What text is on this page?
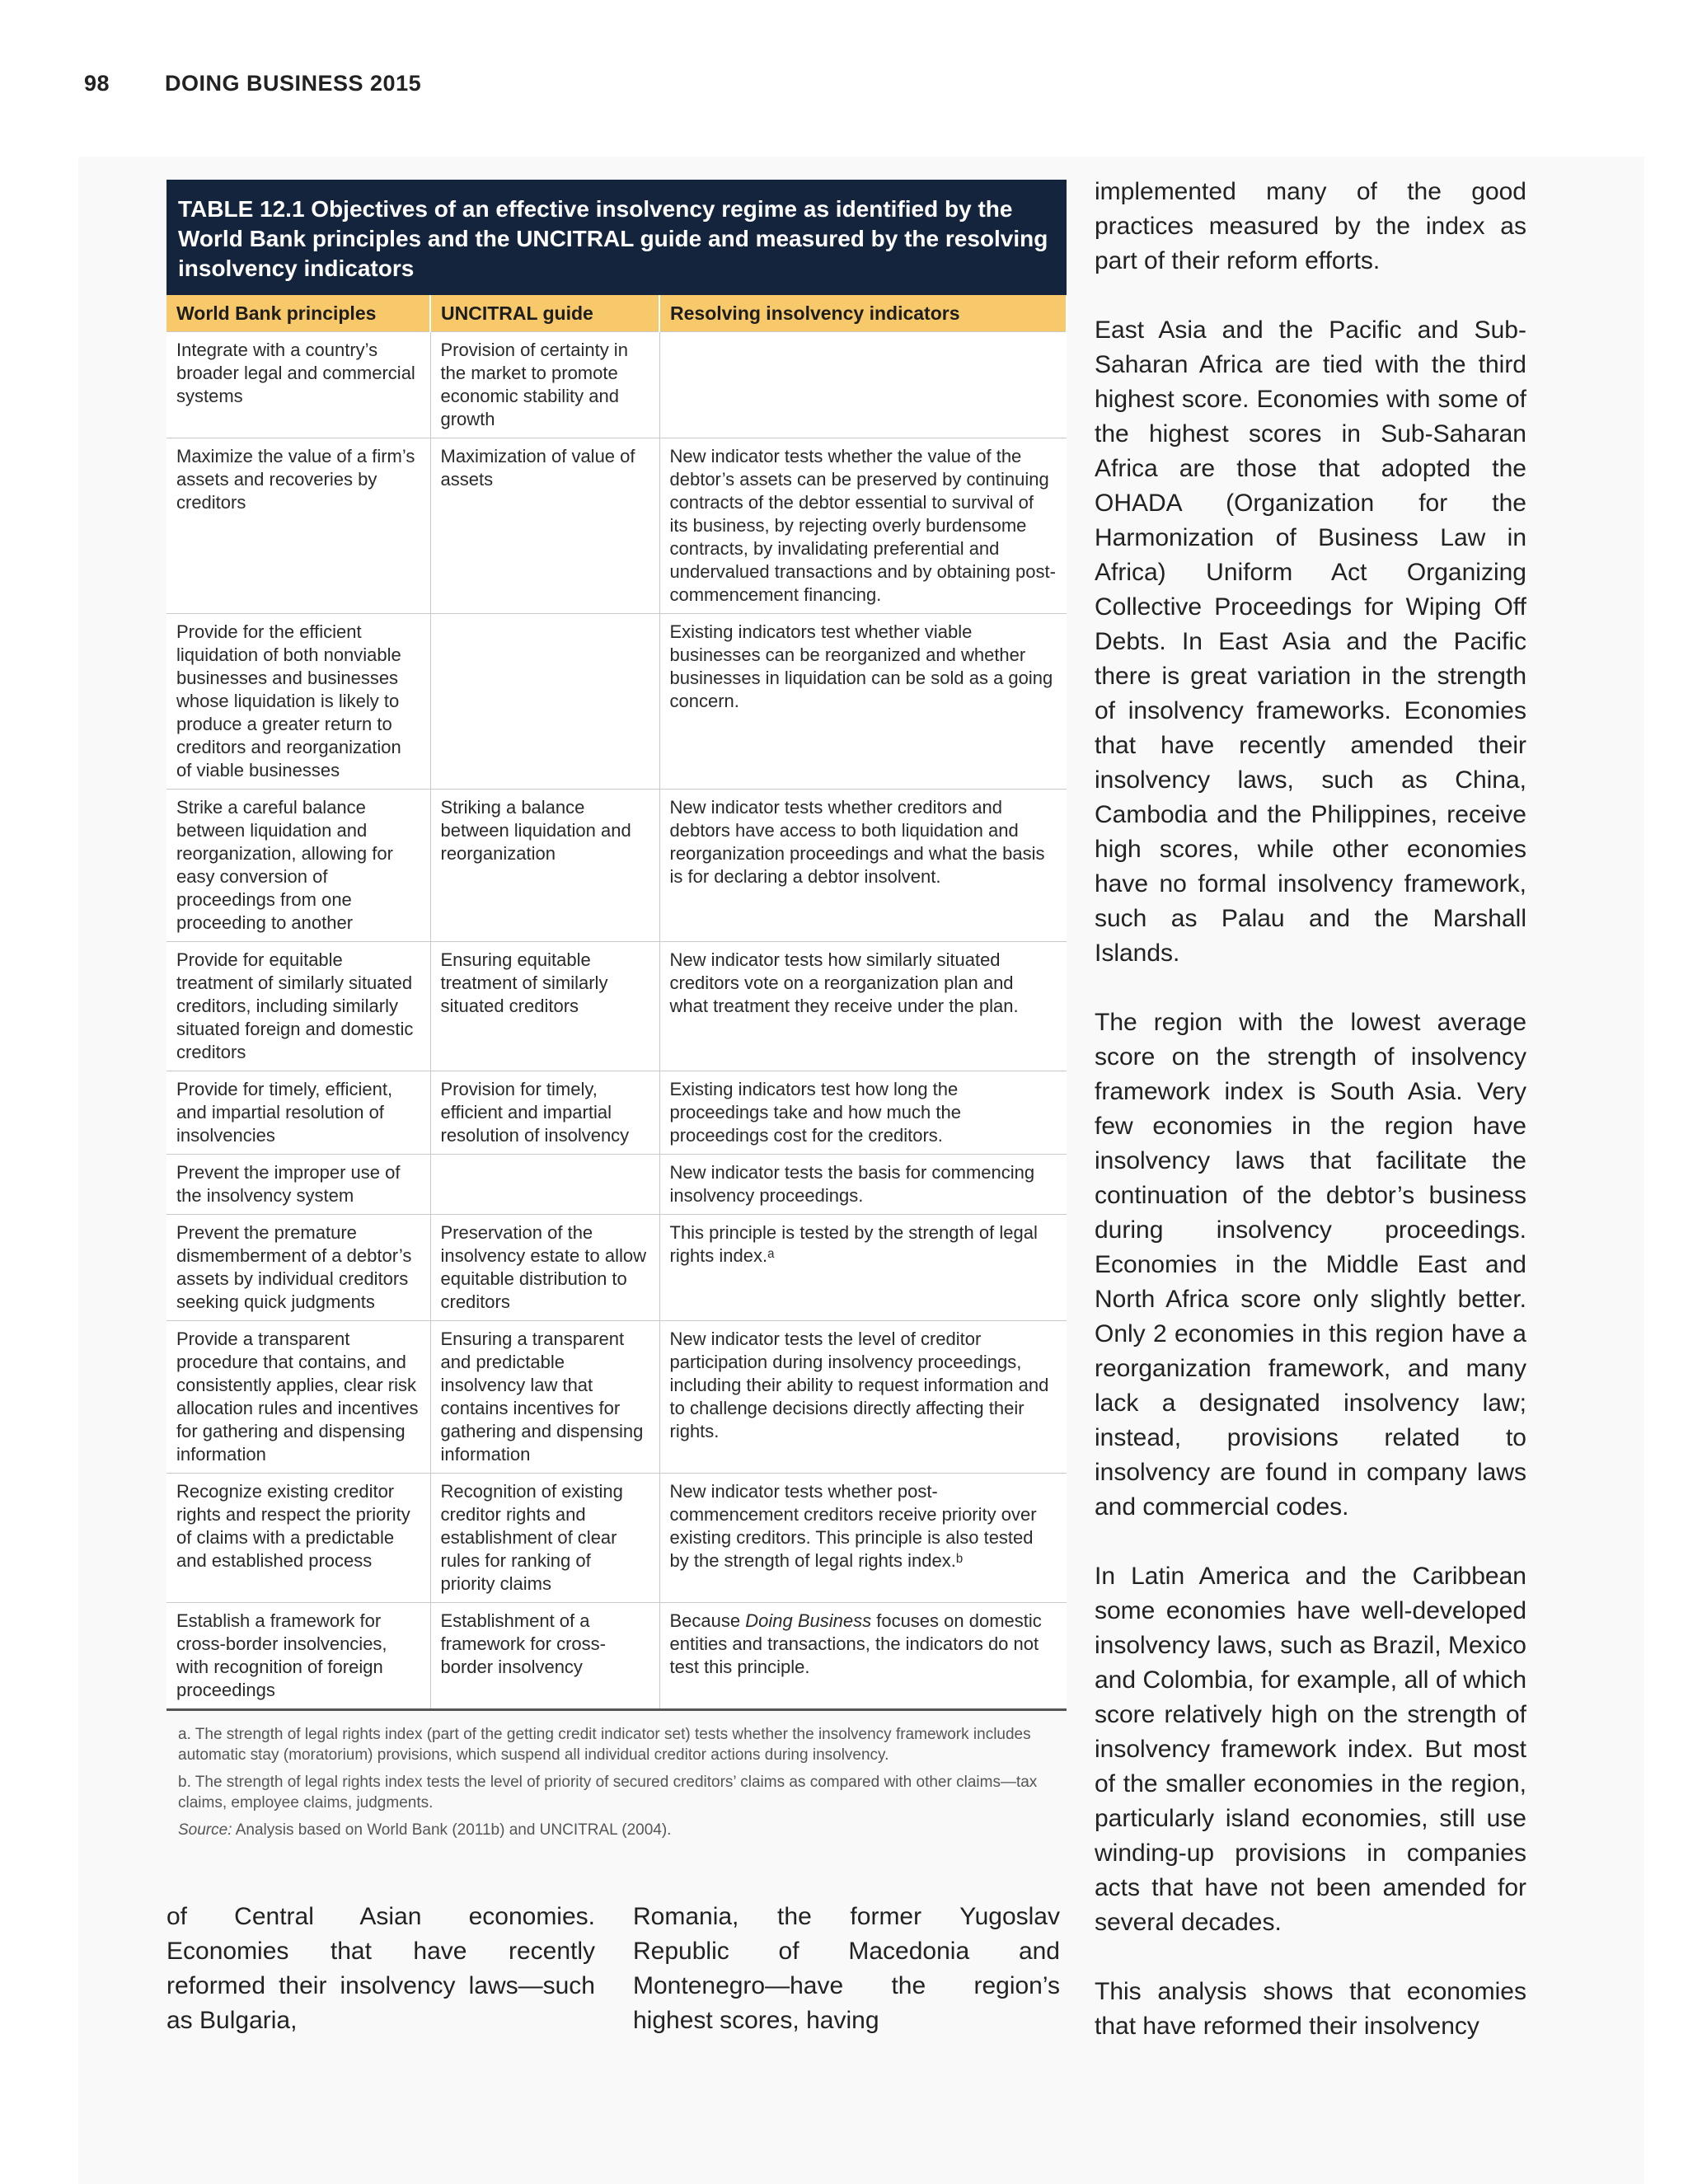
98 DOING BUSINESS 2015
TABLE 12.1 Objectives of an effective insolvency regime as identified by the World Bank principles and the UNCITRAL guide and measured by the resolving insolvency indicators
World Bank principles	UNCITRAL guide	Resolving insolvency indicators
Integrate with a country’s broader legal and commercial systems	Provision of certainty in the market to promote economic stability and growth	
Maximize the value of a firm’s assets and recoveries by creditors	Maximization of value of assets	New indicator tests whether the value of the debtor’s assets can be preserved by continuing contracts of the debtor essential to survival of its business, by rejecting overly burdensome contracts, by invalidating preferential and undervalued transactions and by obtaining post-commencement financing.
Provide for the efficient liquidation of both nonviable businesses and businesses whose liquidation is likely to produce a greater return to creditors and reorganization of viable businesses		Existing indicators test whether viable businesses can be reorganized and whether businesses in liquidation can be sold as a going concern.
Strike a careful balance between liquidation and reorganization, allowing for easy conversion of proceedings from one proceeding to another	Striking a balance between liquidation and reorganization	New indicator tests whether creditors and debtors have access to both liquidation and reorganization proceedings and what the basis is for declaring a debtor insolvent.
Provide for equitable treatment of similarly situated creditors, including similarly situated foreign and domestic creditors	Ensuring equitable treatment of similarly situated creditors	New indicator tests how similarly situated creditors vote on a reorganization plan and what treatment they receive under the plan.
Provide for timely, efficient, and impartial resolution of insolvencies	Provision for timely, efficient and impartial resolution of insolvency	Existing indicators test how long the proceedings take and how much the proceedings cost for the creditors.
Prevent the improper use of the insolvency system		New indicator tests the basis for commencing insolvency proceedings.
Prevent the premature dismemberment of a debtor’s assets by individual creditors seeking quick judgments	Preservation of the insolvency estate to allow equitable distribution to creditors	This principle is tested by the strength of legal rights index.ᵃ
Provide a transparent procedure that contains, and consistently applies, clear risk allocation rules and incentives for gathering and dispensing information	Ensuring a transparent and predictable insolvency law that contains incentives for gathering and dispensing information	New indicator tests the level of creditor participation during insolvency proceedings, including their ability to request information and to challenge decisions directly affecting their rights.
Recognize existing creditor rights and respect the priority of claims with a predictable and established process	Recognition of existing creditor rights and establishment of clear rules for ranking of priority claims	New indicator tests whether post-commencement creditors receive priority over existing creditors. This principle is also tested by the strength of legal rights index.ᵇ
Establish a framework for cross-border insolvencies, with recognition of foreign proceedings	Establishment of a framework for cross-border insolvency	Because Doing Business focuses on domestic entities and transactions, the indicators do not test this principle.

a. The strength of legal rights index (part of the getting credit indicator set) tests whether the insolvency framework includes automatic stay (moratorium) provisions, which suspend all individual creditor actions during insolvency.

b. The strength of legal rights index tests the level of priority of secured creditors’ claims as compared with other claims—tax claims, employee claims, judgments.

Source: Analysis based on World Bank (2011b) and UNCITRAL (2004).

implemented many of the good practices measured by the index as part of their reform efforts.

East Asia and the Pacific and Sub-Saharan Africa are tied with the third highest score. Economies with some of the highest scores in Sub-Saharan Africa are those that adopted the OHADA (Organization for the Harmonization of Business Law in Africa) Uniform Act Organizing Collective Proceedings for Wiping Off Debts. In East Asia and the Pacific there is great variation in the strength of insolvency frameworks. Economies that have recently amended their insolvency laws, such as China, Cambodia and the Philippines, receive high scores, while other economies have no formal insolvency framework, such as Palau and the Marshall Islands.

The region with the lowest average score on the strength of insolvency framework index is South Asia. Very few economies in the region have insolvency laws that facilitate the continuation of the debtor’s business during insolvency proceedings. Economies in the Middle East and North Africa score only slightly better. Only 2 economies in this region have a reorganization framework, and many lack a designated insolvency law; instead, provisions related to insolvency are found in company laws and commercial codes.

In Latin America and the Caribbean some economies have well-developed insolvency laws, such as Brazil, Mexico and Colombia, for example, all of which score relatively high on the strength of insolvency framework index. But most of the smaller economies in the region, particularly island economies, still use winding-up provisions in companies acts that have not been amended for several decades.

This analysis shows that economies that have reformed their insolvency

of Central Asian economies. Economies that have recently reformed their insolvency laws—such as Bulgaria,

Romania, the former Yugoslav Republic of Macedonia and Montenegro—have the region’s highest scores, having
